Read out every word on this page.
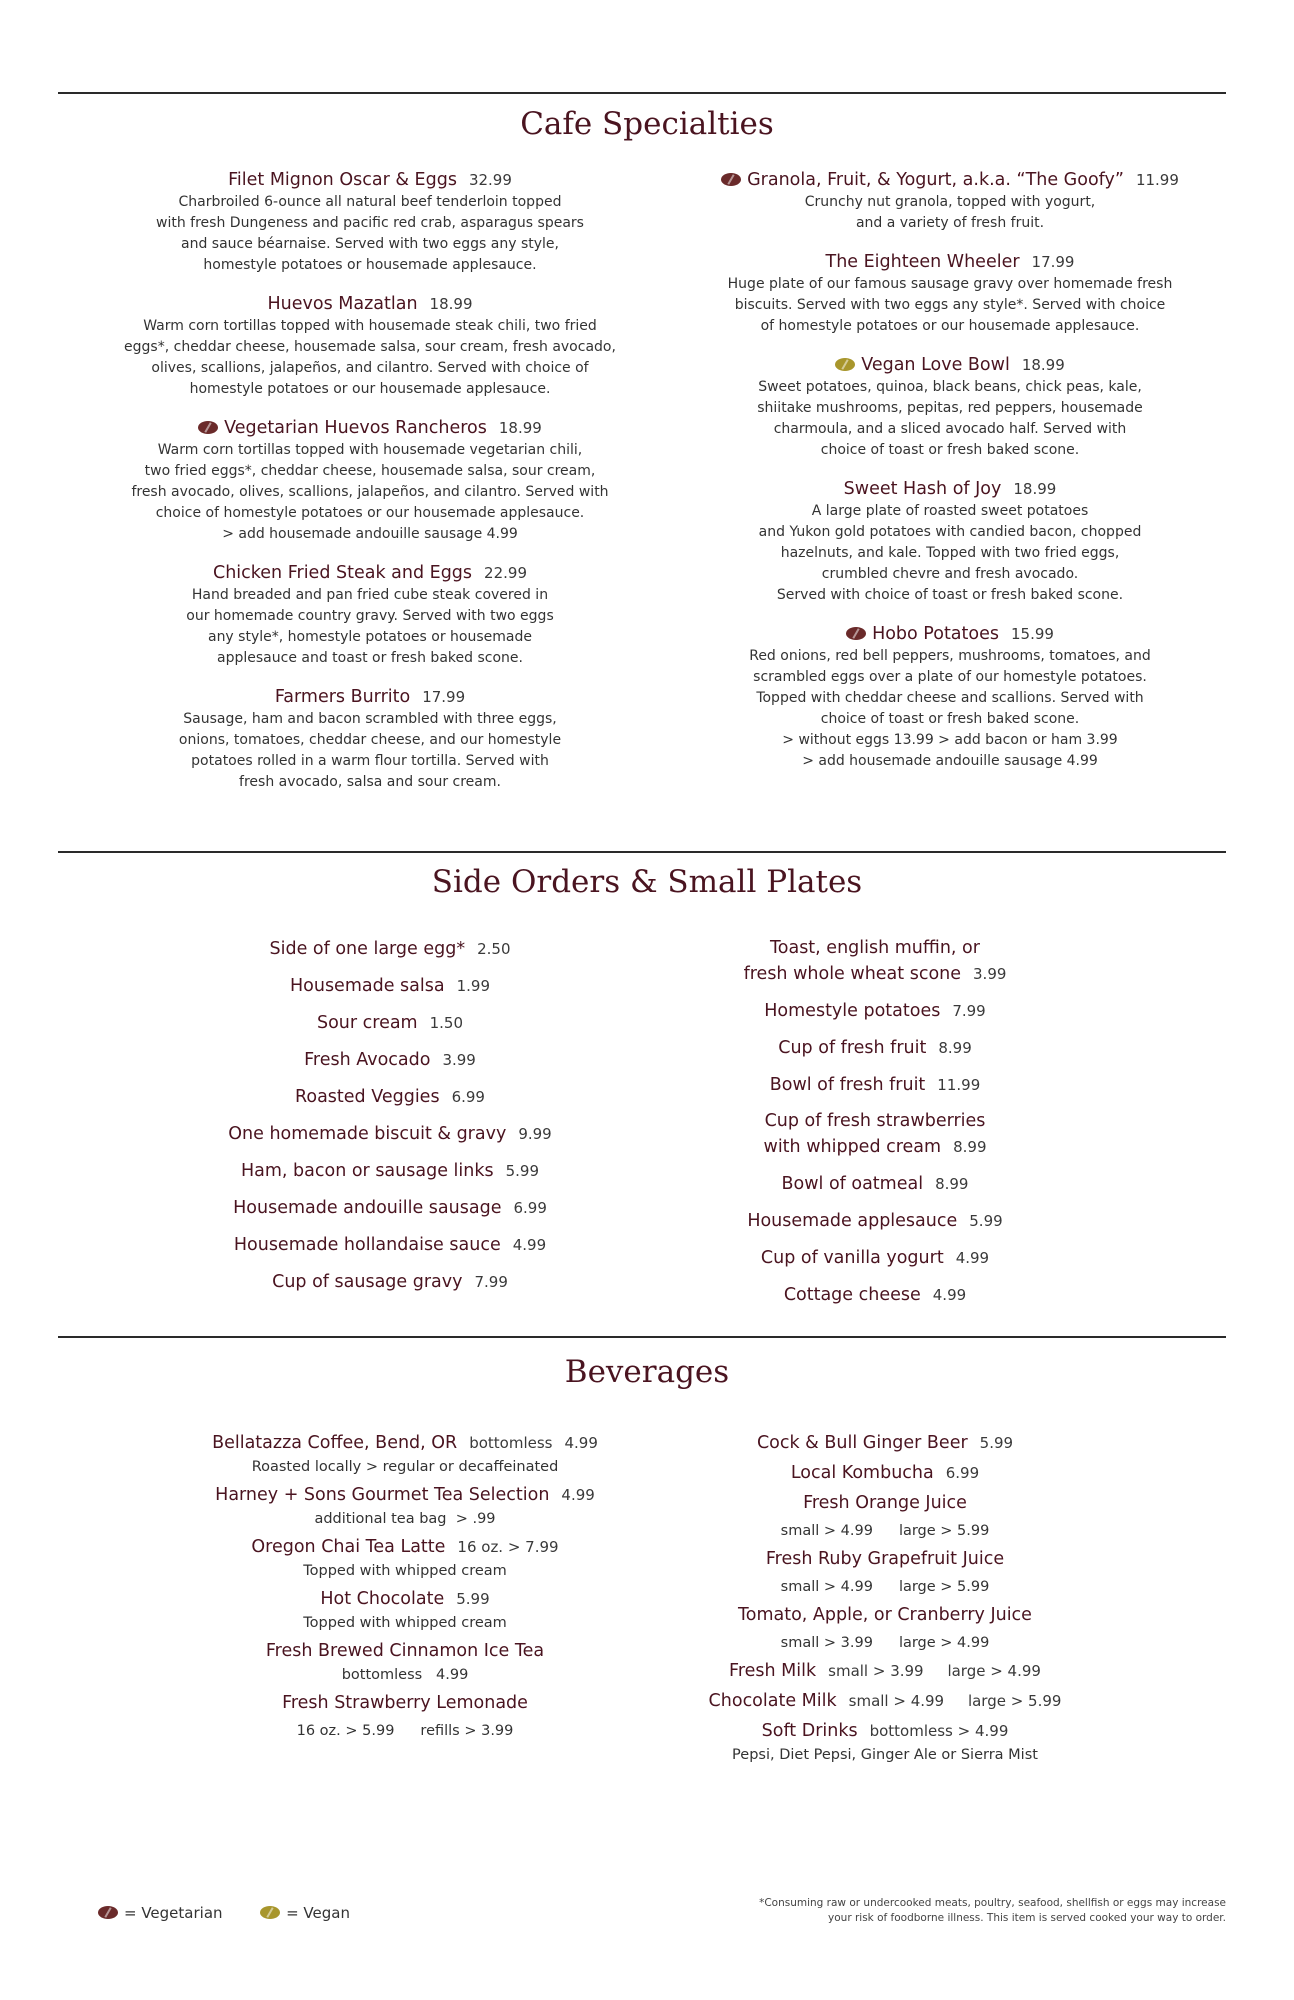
Cafe Specialties
Filet Mignon Oscar & Eggs 32.99
Charbroiled 6-ounce all natural beef tenderloin topped
with fresh Dungeness and pacific red crab, asparagus spears
and sauce béarnaise. Served with two eggs any style,
homestyle potatoes or housemade applesauce.
Huevos Mazatlan 18.99
Warm corn tortillas topped with housemade steak chili, two fried
eggs*, cheddar cheese, housemade salsa, sour cream, fresh avocado,
olives, scallions, jalapeños, and cilantro. Served with choice of
homestyle potatoes or our housemade applesauce.
Vegetarian Huevos Rancheros 18.99
Warm corn tortillas topped with housemade vegetarian chili,
two fried eggs*, cheddar cheese, housemade salsa, sour cream,
fresh avocado, olives, scallions, jalapeños, and cilantro. Served with
choice of homestyle potatoes or our housemade applesauce.
> add housemade andouille sausage 4.99
Chicken Fried Steak and Eggs 22.99
Hand breaded and pan fried cube steak covered in
our homemade country gravy. Served with two eggs
any style*, homestyle potatoes or housemade
applesauce and toast or fresh baked scone.
Farmers Burrito 17.99
Sausage, ham and bacon scrambled with three eggs,
onions, tomatoes, cheddar cheese, and our homestyle
potatoes rolled in a warm flour tortilla. Served with
fresh avocado, salsa and sour cream.
Granola, Fruit, & Yogurt, a.k.a. “The Goofy” 11.99
Crunchy nut granola, topped with yogurt,
and a variety of fresh fruit.
The Eighteen Wheeler 17.99
Huge plate of our famous sausage gravy over homemade fresh
biscuits. Served with two eggs any style*. Served with choice
of homestyle potatoes or our housemade applesauce.
Vegan Love Bowl 18.99
Sweet potatoes, quinoa, black beans, chick peas, kale,
shiitake mushrooms, pepitas, red peppers, housemade
charmoula, and a sliced avocado half. Served with
choice of toast or fresh baked scone.
Sweet Hash of Joy 18.99
A large plate of roasted sweet potatoes
and Yukon gold potatoes with candied bacon, chopped
hazelnuts, and kale. Topped with two fried eggs,
crumbled chevre and fresh avocado.
Served with choice of toast or fresh baked scone.
Hobo Potatoes 15.99
Red onions, red bell peppers, mushrooms, tomatoes, and
scrambled eggs over a plate of our homestyle potatoes.
Topped with cheddar cheese and scallions. Served with
choice of toast or fresh baked scone.
> without eggs 13.99 > add bacon or ham 3.99
> add housemade andouille sausage 4.99
Side Orders & Small Plates
Side of one large egg* 2.50
Housemade salsa 1.99
Sour cream 1.50
Fresh Avocado 3.99
Roasted Veggies 6.99
One homemade biscuit & gravy 9.99
Ham, bacon or sausage links 5.99
Housemade andouille sausage 6.99
Housemade hollandaise sauce 4.99
Cup of sausage gravy 7.99
Toast, english muffin, or
fresh whole wheat scone 3.99
Homestyle potatoes 7.99
Cup of fresh fruit 8.99
Bowl of fresh fruit 11.99
Cup of fresh strawberries
with whipped cream 8.99
Bowl of oatmeal 8.99
Housemade applesauce 5.99
Cup of vanilla yogurt 4.99
Cottage cheese 4.99
Beverages
Bellatazza Coffee, Bend, OR bottomless 4.99
Roasted locally > regular or decaffeinated
Harney + Sons Gourmet Tea Selection 4.99
additional tea bag  > .99
Oregon Chai Tea Latte 16 oz. > 7.99
Topped with whipped cream
Hot Chocolate 5.99
Topped with whipped cream
Fresh Brewed Cinnamon Ice Tea
bottomless   4.99
Fresh Strawberry Lemonade
16 oz. > 5.99 refills > 3.99
Cock & Bull Ginger Beer 5.99
Local Kombucha 6.99
Fresh Orange Juice
small > 4.99 large > 5.99
Fresh Ruby Grapefruit Juice
small > 4.99 large > 5.99
Tomato, Apple, or Cranberry Juice
small > 3.99 large > 4.99
Fresh Milk small > 3.99     large > 4.99
Chocolate Milk small > 4.99     large > 5.99
Soft Drinks bottomless > 4.99
Pepsi, Diet Pepsi, Ginger Ale or Sierra Mist
= Vegetarian	= Vegan
*Consuming raw or undercooked meats, poultry, seafood, shellfish or eggs may increase
your risk of foodborne illness. This item is served cooked your way to order.
